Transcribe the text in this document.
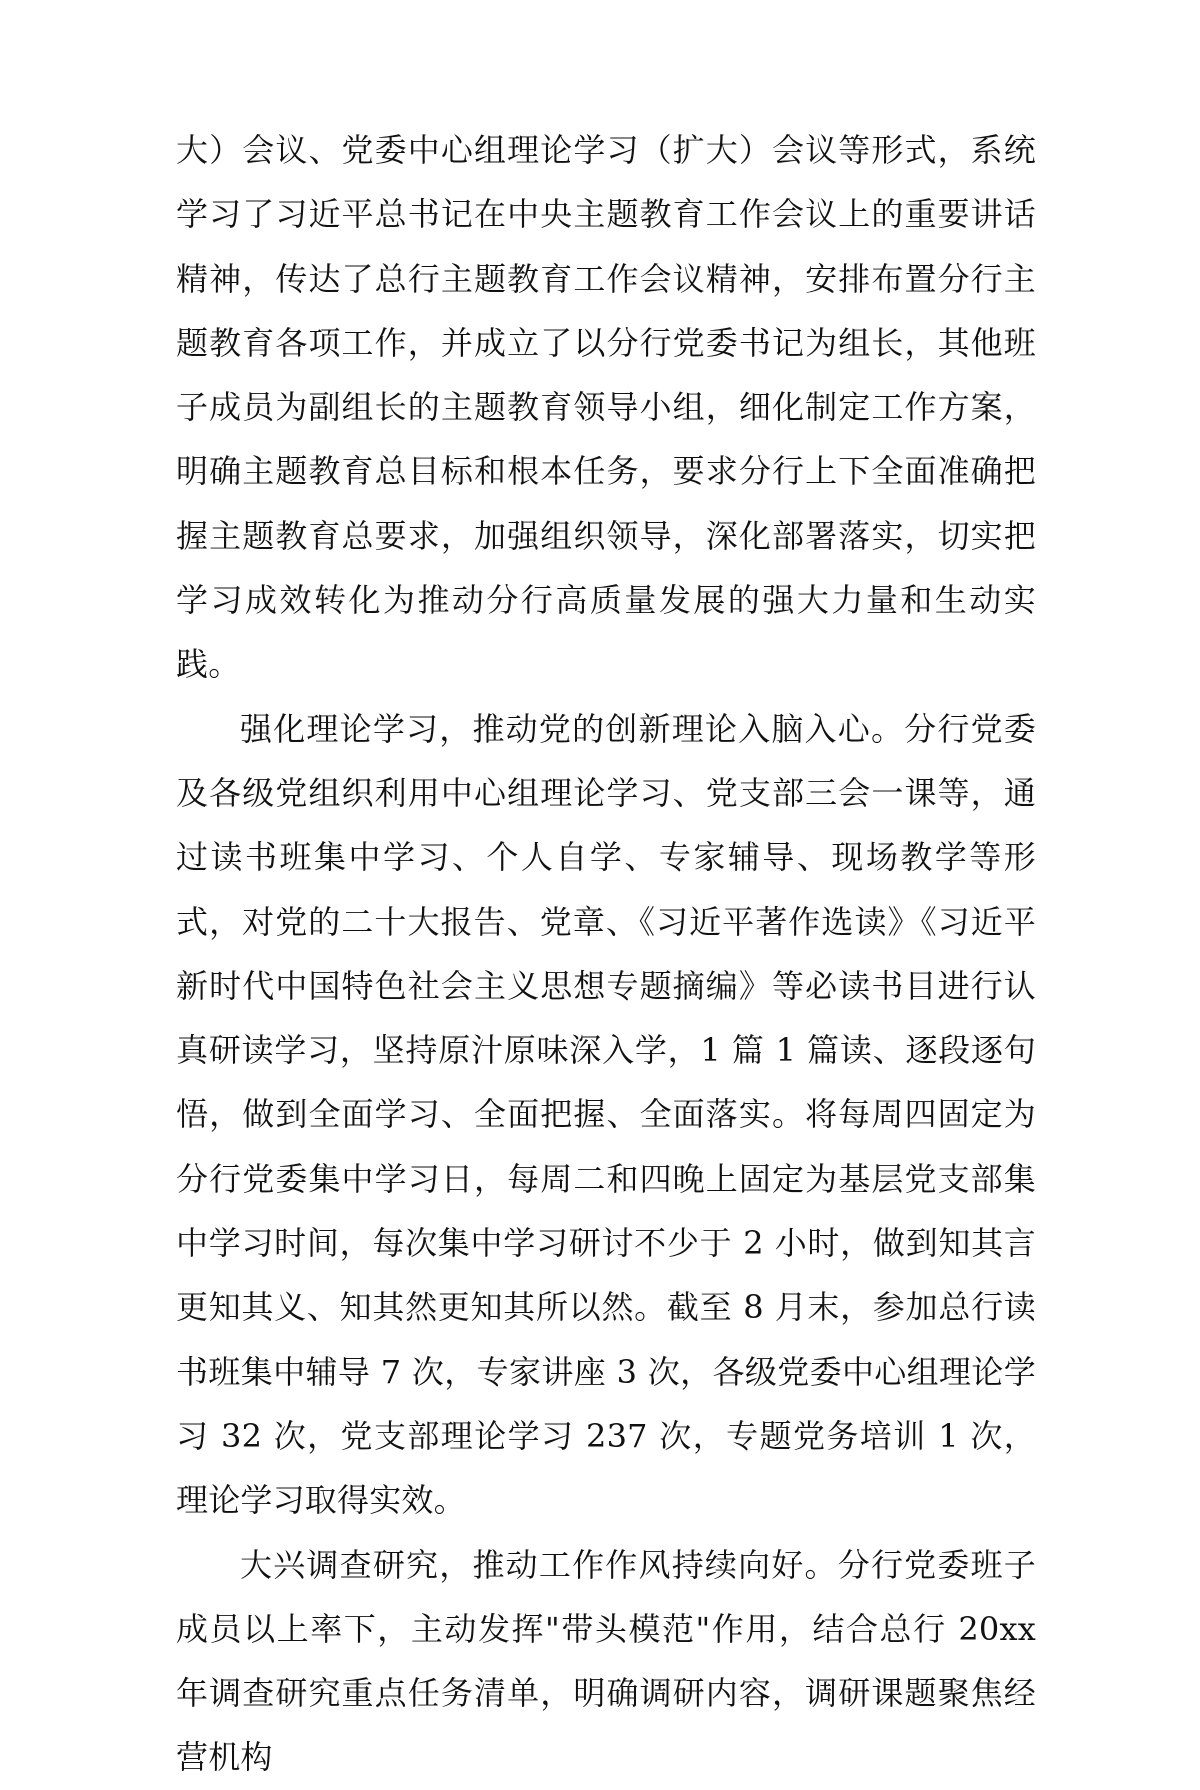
大）会议、党委中心组理论学习（扩大）会议等形式，系统学习了习近平总书记在中央主题教育工作会议上的重要讲话精神，传达了总行主题教育工作会议精神，安排布置分行主题教育各项工作，并成立了以分行党委书记为组长，其他班子成员为副组长的主题教育领导小组，细化制定工作方案，明确主题教育总目标和根本任务，要求分行上下全面准确把握主题教育总要求，加强组织领导，深化部署落实，切实把学习成效转化为推动分行高质量发展的强大力量和生动实践。

强化理论学习，推动党的创新理论入脑入心。分行党委及各级党组织利用中心组理论学习、党支部三会一课等，通过读书班集中学习、个人自学、专家辅导、现场教学等形式，对党的二十大报告、党章、《习近平著作选读》《习近平新时代中国特色社会主义思想专题摘编》等必读书目进行认真研读学习，坚持原汁原味深入学，1 篇 1 篇读、逐段逐句悟，做到全面学习、全面把握、全面落实。将每周四固定为分行党委集中学习日，每周二和四晚上固定为基层党支部集中学习时间，每次集中学习研讨不少于 2 小时，做到知其言更知其义、知其然更知其所以然。截至 8 月末，参加总行读书班集中辅导 7 次，专家讲座 3 次，各级党委中心组理论学习 32 次，党支部理论学习 237 次，专题党务培训 1 次，理论学习取得实效。

大兴调查研究，推动工作作风持续向好。分行党委班子成员以上率下，主动发挥"带头模范"作用，结合总行 20xx 年调查研究重点任务清单，明确调研内容，调研课题聚焦经营机构
